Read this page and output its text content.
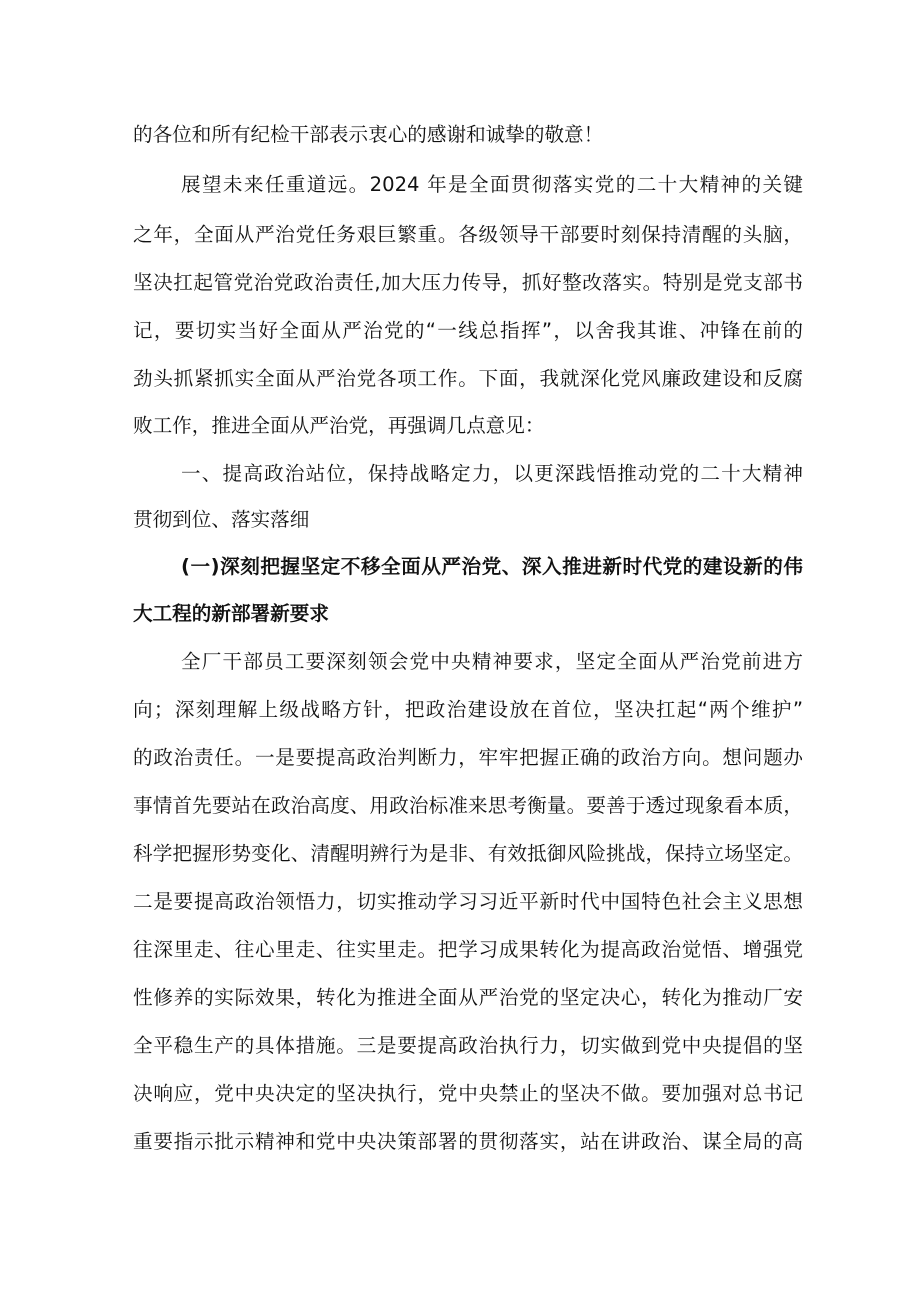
的各位和所有纪检干部表示衷心的感谢和诚挚的敬意！

展望未来任重道远。2024 年是全面贯彻落实党的二十大精神的关键

之年，全面从严治党任务艰巨繁重。各级领导干部要时刻保持清醒的头脑，

坚决扛起管党治党政治责任,加大压力传导，抓好整改落实。特别是党支部书

记，要切实当好全面从严治党的“一线总指挥”，以舍我其谁、冲锋在前的

劲头抓紧抓实全面从严治党各项工作。下面，我就深化党风廉政建设和反腐

败工作，推进全面从严治党，再强调几点意见：

一、提高政治站位，保持战略定力，以更深践悟推动党的二十大精神

贯彻到位、落实落细

(一)深刻把握坚定不移全面从严治党、深入推进新时代党的建设新的伟

大工程的新部署新要求

全厂干部员工要深刻领会党中央精神要求，坚定全面从严治党前进方

向；深刻理解上级战略方针，把政治建设放在首位，坚决扛起“两个维护”

的政治责任。一是要提高政治判断力，牢牢把握正确的政治方向。想问题办

事情首先要站在政治高度、用政治标准来思考衡量。要善于透过现象看本质，

科学把握形势变化、清醒明辨行为是非、有效抵御风险挑战，保持立场坚定。

二是要提高政治领悟力，切实推动学习习近平新时代中国特色社会主义思想

往深里走、往心里走、往实里走。把学习成果转化为提高政治觉悟、增强党

性修养的实际效果，转化为推进全面从严治党的坚定决心，转化为推动厂安

全平稳生产的具体措施。三是要提高政治执行力，切实做到党中央提倡的坚

决响应，党中央决定的坚决执行，党中央禁止的坚决不做。要加强对总书记

重要指示批示精神和党中央决策部署的贯彻落实，站在讲政治、谋全局的高
